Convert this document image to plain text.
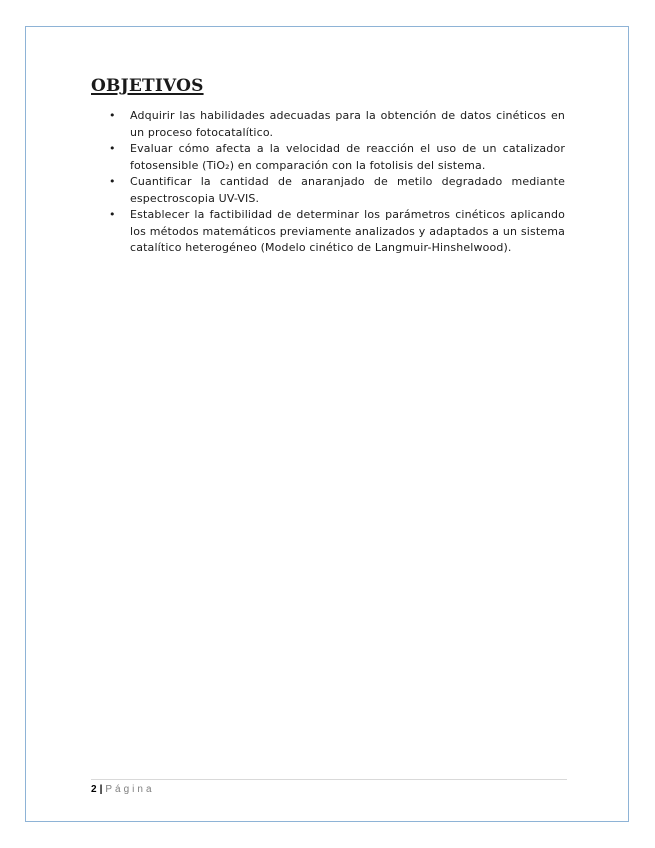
OBJETIVOS
• Adquirir las habilidades adecuadas para la obtención de datos cinéticos en un proceso fotocatalítico.
• Evaluar cómo afecta a la velocidad de reacción el uso de un catalizador fotosensible (TiO₂) en comparación con la fotolisis del sistema.
• Cuantificar la cantidad de anaranjado de metilo degradado mediante espectroscopia UV-VIS.
• Establecer la factibilidad de determinar los parámetros cinéticos aplicando los métodos matemáticos previamente analizados y adaptados a un sistema catalítico heterogéneo (Modelo cinético de Langmuir-Hinshelwood).
2 | Página
